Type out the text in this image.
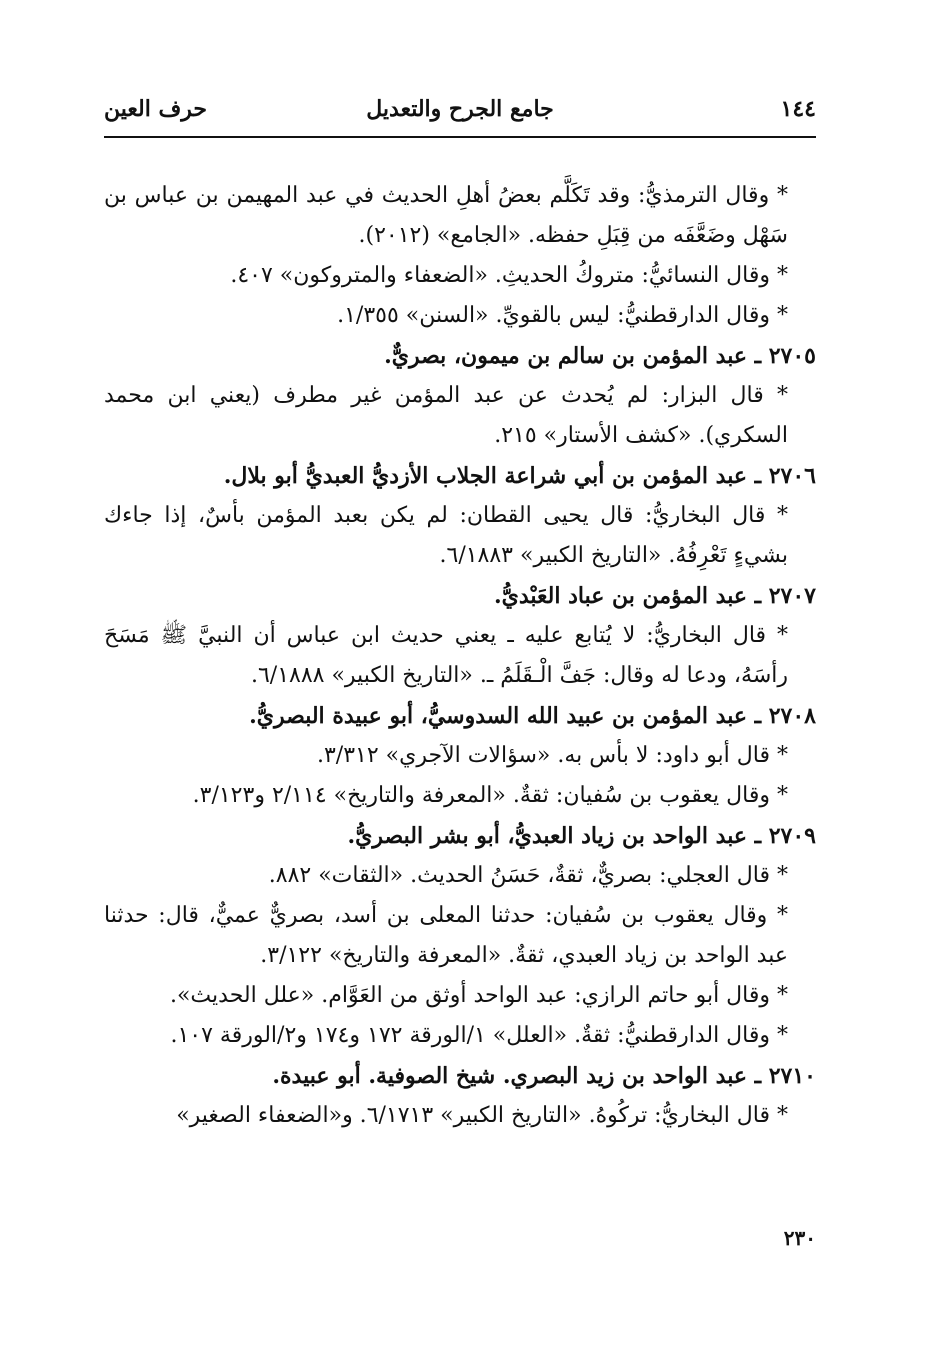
١٤٤
جامع الجرح والتعديل
حرف العين

* وقال الترمذيُّ: وقد تَكَلَّم بعضُ أهلِ الحديث في عبد المهيمن بن عباس بن سَهْل وضَعَّفَه من قِبَلِ حفظه. «الجامع» (٢٠١٢).

* وقال النسائيُّ: متروكُ الحديثِ. «الضعفاء والمتروكون» ٤٠٧.

* وقال الدارقطنيُّ: ليس بالقويِّ. «السنن» ١/٣٥٥.

٢٧٠٥ ـ عبد المؤمن بن سالم بن ميمون، بصريٌّ.

* قال البزار: لم يُحدث عن عبد المؤمن غير مطرف (يعني ابن محمد السكري). «كشف الأستار» ٢١٥.

٢٧٠٦ ـ عبد المؤمن بن أبي شراعة الجلاب الأزديُّ العبديُّ أبو بلال.

* قال البخاريُّ: قال يحيى القطان: لم يكن بعبد المؤمن بأسٌ، إذا جاءك بشيءٍ تَعْرِفُهُ. «التاريخ الكبير» ٦/١٨٨٣.

٢٧٠٧ ـ عبد المؤمن بن عباد العَبْديُّ.

* قال البخاريُّ: لا يُتابع عليه ـ يعني حديث ابن عباس أن النبيَّ ﷺ مَسَحَ رأسَهُ، ودعا له وقال: جَفَّ الْـقَلَمُ ـ. «التاريخ الكبير» ٦/١٨٨٨.

٢٧٠٨ ـ عبد المؤمن بن عبيد الله السدوسيُّ، أبو عبيدة البصريُّ.

* قال أبو داود: لا بأس به. «سؤالات الآجري» ٣/٣١٢.

* وقال يعقوب بن سُفيان: ثقةٌ. «المعرفة والتاريخ» ٢/١١٤ و٣/١٢٣.

٢٧٠٩ ـ عبد الواحد بن زياد العبديُّ، أبو بشر البصريُّ.

* قال العجلي: بصريٌّ، ثقةٌ، حَسَنُ الحديث. «الثقات» ٨٨٢.

* وقال يعقوب بن سُفيان: حدثنا المعلى بن أسد، بصريٌّ عميٌّ، قال: حدثنا عبد الواحد بن زياد العبدي، ثقةٌ. «المعرفة والتاريخ» ٣/١٢٢.

* وقال أبو حاتم الرازي: عبد الواحد أوثق من العَوَّام. «علل الحديث».

* وقال الدارقطنيُّ: ثقةٌ. «العلل» ١/الورقة ١٧٢ و١٧٤ و٢/الورقة ١٠٧.

٢٧١٠ ـ عبد الواحد بن زيد البصري. شيخ الصوفية. أبو عبيدة.

* قال البخاريُّ: تركُوهُ. «التاريخ الكبير» ٦/١٧١٣. و«الضعفاء الصغير»

٢٣٠
